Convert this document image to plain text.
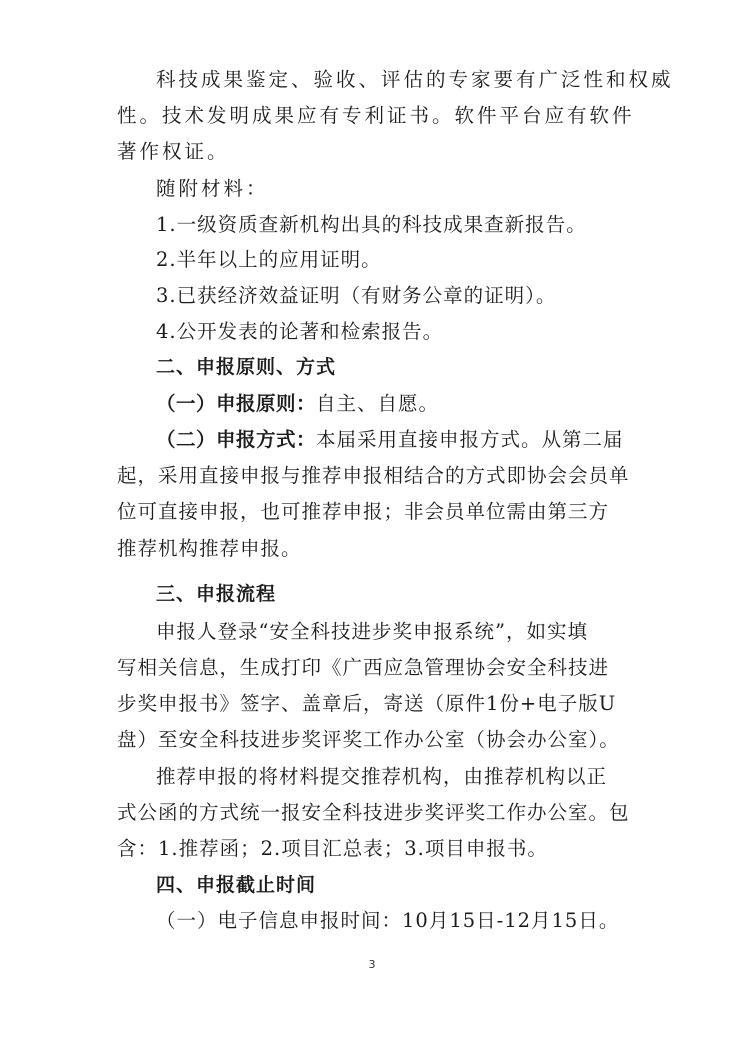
科技成果鉴定、验收、评估的专家要有广泛性和权威
性。技术发明成果应有专利证书。软件平台应有软件
著作权证。
随附材料：
1.一级资质查新机构出具的科技成果查新报告。
2.半年以上的应用证明。
3.已获经济效益证明（有财务公章的证明）。
4.公开发表的论著和检索报告。
二、申报原则、方式
（一）申报原则：自主、自愿。
（二）申报方式：本届采用直接申报方式。从第二届
起，采用直接申报与推荐申报相结合的方式即协会会员单
位可直接申报，也可推荐申报；非会员单位需由第三方
推荐机构推荐申报。
三、申报流程
申报人登录“安全科技进步奖申报系统”，如实填
写相关信息，生成打印《广西应急管理协会安全科技进
步奖申报书》签字、盖章后，寄送（原件1份+电子版U
盘）至安全科技进步奖评奖工作办公室（协会办公室）。
推荐申报的将材料提交推荐机构，由推荐机构以正
式公函的方式统一报安全科技进步奖评奖工作办公室。包
含：1.推荐函；2.项目汇总表；3.项目申报书。
四、申报截止时间
（一）电子信息申报时间：10月15日-12月15日。
3
